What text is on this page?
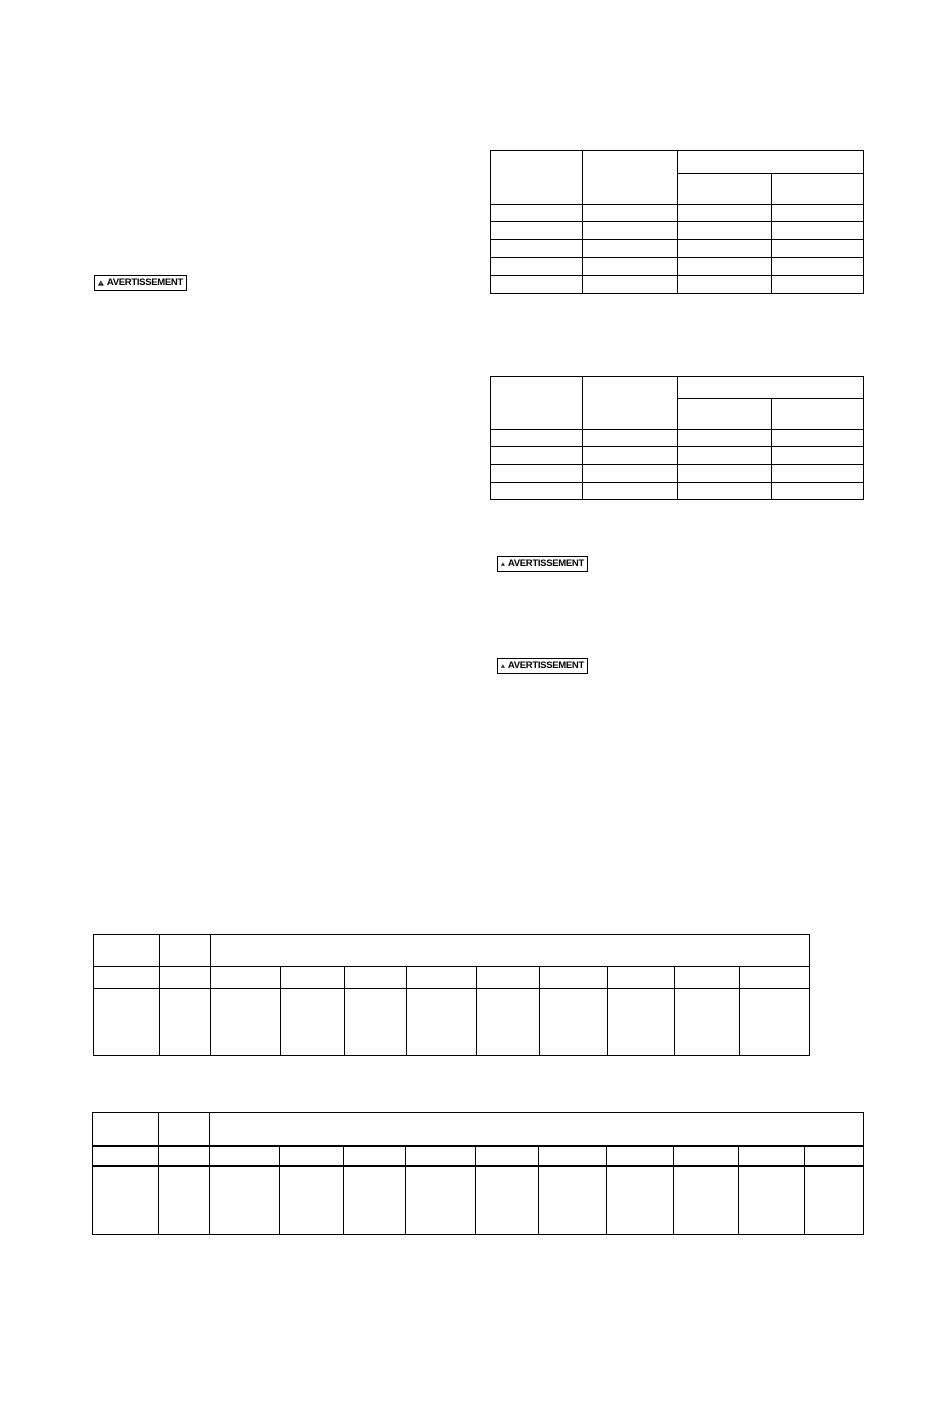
AVERTISSEMENT
AVERTISSEMENT
AVERTISSEMENT
